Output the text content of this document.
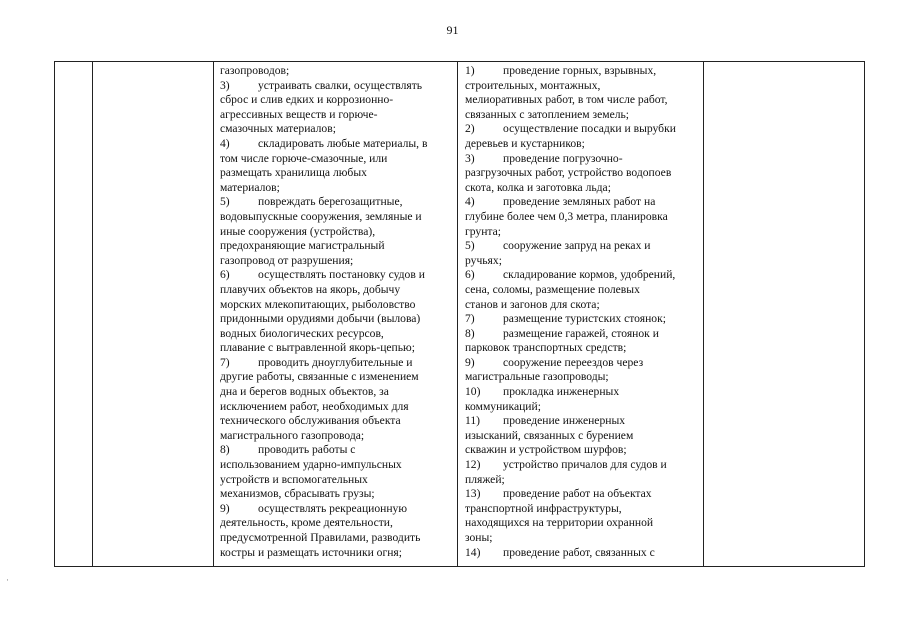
91
газопроводов;
3) устраивать свалки, осуществлять
сброс и слив едких и коррозионно-
агрессивных веществ и горюче-
смазочных материалов;
4) складировать любые материалы, в
том числе горюче-смазочные, или
размещать хранилища любых
материалов;
5) повреждать берегозащитные,
водовыпускные сооружения, земляные и
иные сооружения (устройства),
предохраняющие магистральный
газопровод от разрушения;
6) осуществлять постановку судов и
плавучих объектов на якорь, добычу
морских млекопитающих, рыболовство
придонными орудиями добычи (вылова)
водных биологических ресурсов,
плавание с вытравленной якорь-цепью;
7) проводить дноуглубительные и
другие работы, связанные с изменением
дна и берегов водных объектов, за
исключением работ, необходимых для
технического обслуживания объекта
магистрального газопровода;
8) проводить работы с
использованием ударно-импульсных
устройств и вспомогательных
механизмов, сбрасывать грузы;
9) осуществлять рекреационную
деятельность, кроме деятельности,
предусмотренной Правилами, разводить
костры и размещать источники огня;
1) проведение горных, взрывных,
строительных, монтажных,
мелиоративных работ, в том числе работ,
связанных с затоплением земель;
2) осуществление посадки и вырубки
деревьев и кустарников;
3) проведение погрузочно-
разгрузочных работ, устройство водопоев
скота, колка и заготовка льда;
4) проведение земляных работ на
глубине более чем 0,3 метра, планировка
грунта;
5) сооружение запруд на реках и
ручьях;
6) складирование кормов, удобрений,
сена, соломы, размещение полевых
станов и загонов для скота;
7) размещение туристских стоянок;
8) размещение гаражей, стоянок и
парковок транспортных средств;
9) сооружение переездов через
магистральные газопроводы;
10) прокладка инженерных
коммуникаций;
11) проведение инженерных
изысканий, связанных с бурением
скважин и устройством шурфов;
12) устройство причалов для судов и
пляжей;
13) проведение работ на объектах
транспортной инфраструктуры,
находящихся на территории охранной
зоны;
14) проведение работ, связанных с
·
